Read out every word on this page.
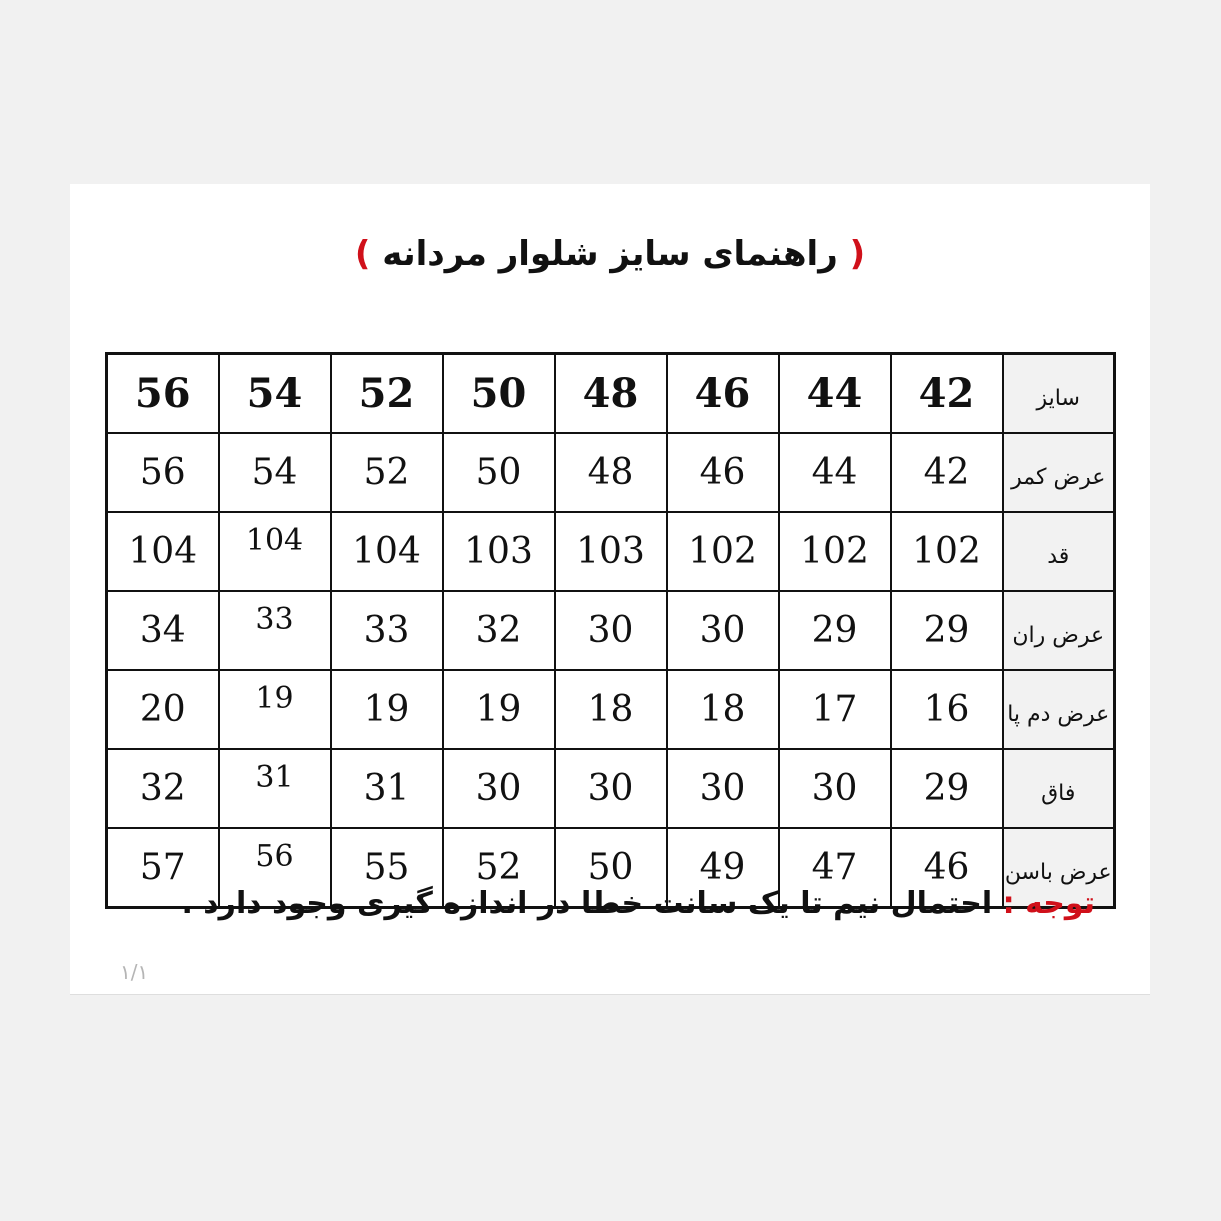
( راهنمای سایز شلوار مردانه )
56	54	52	50	48	46	44	42	سایز
56	54	52	50	48	46	44	42	عرض کمر
104	104	104	103	103	102	102	102	قد
34	33	33	32	30	30	29	29	عرض ران
20	19	19	19	18	18	17	16	عرض دم پا
32	31	31	30	30	30	30	29	فاق
57	56	55	52	50	49	47	46	عرض باسن
توجه : احتمال نیم تا یک سانت خطا در اندازه گیری وجود دارد .
۱/۱
